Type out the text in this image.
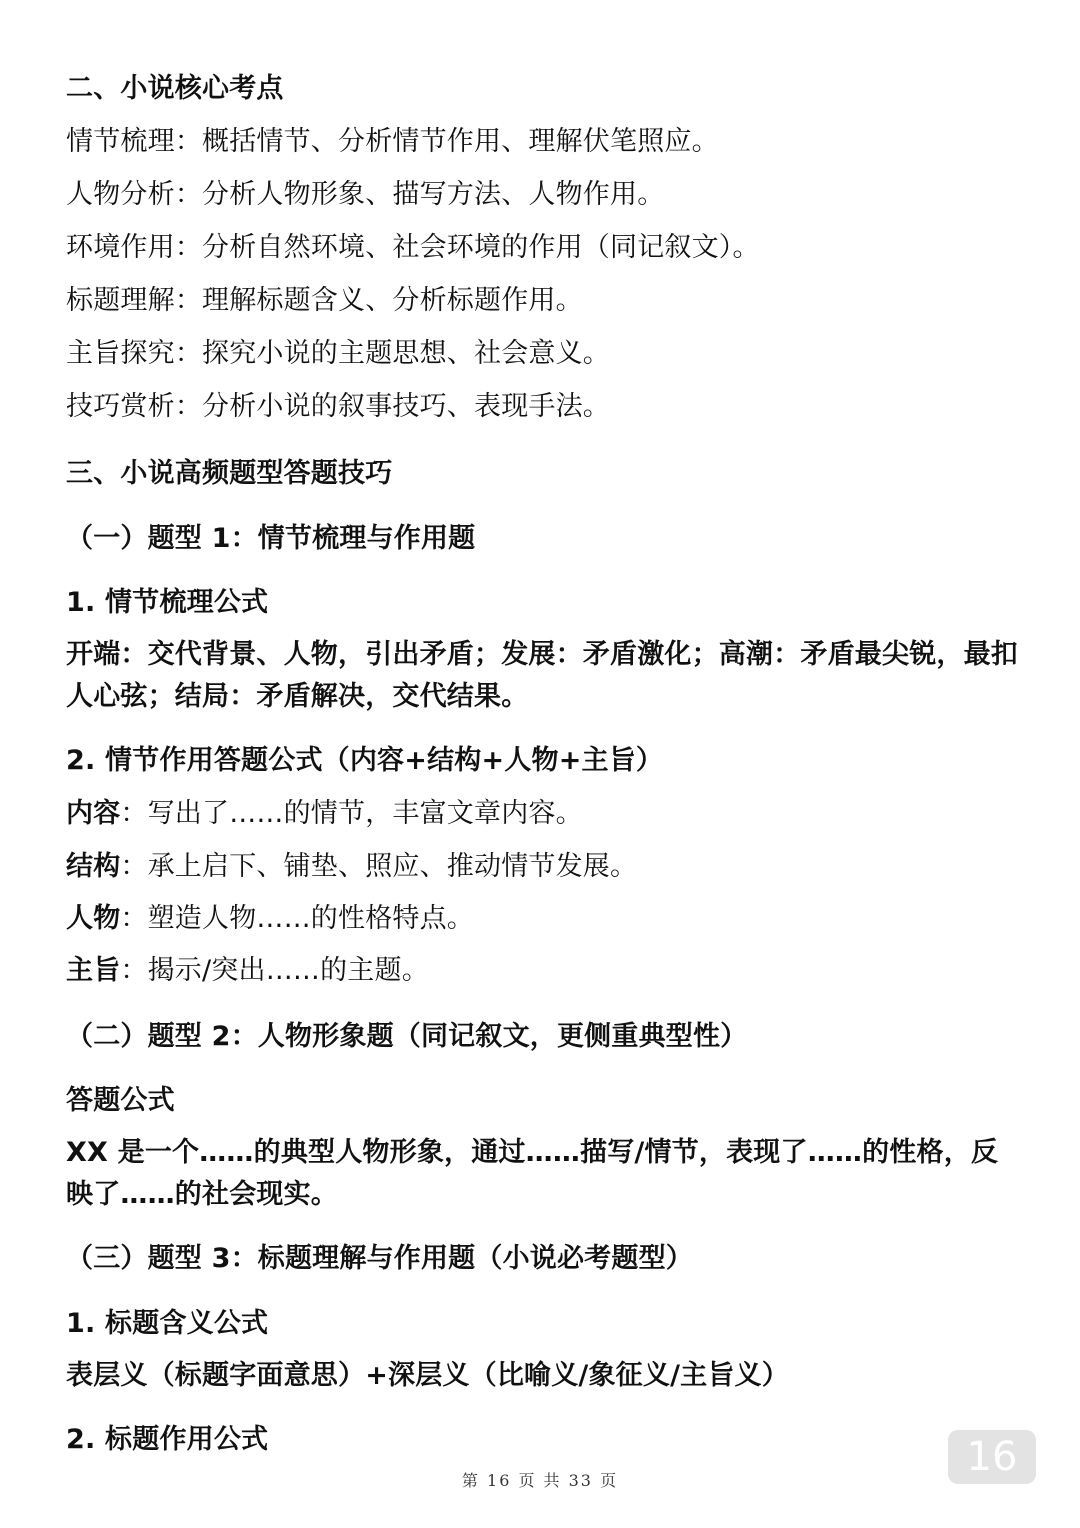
二、小说核心考点
情节梳理：概括情节、分析情节作用、理解伏笔照应。
人物分析：分析人物形象、描写方法、人物作用。
环境作用：分析自然环境、社会环境的作用（同记叙文）。
标题理解：理解标题含义、分析标题作用。
主旨探究：探究小说的主题思想、社会意义。
技巧赏析：分析小说的叙事技巧、表现手法。
三、小说高频题型答题技巧
（一）题型 1：情节梳理与作用题
1. 情节梳理公式
开端：交代背景、人物，引出矛盾；发展：矛盾激化；高潮：矛盾最尖锐，最扣人心弦；结局：矛盾解决，交代结果。
2. 情节作用答题公式（内容+结构+人物+主旨）
内容：写出了……的情节，丰富文章内容。
结构：承上启下、铺垫、照应、推动情节发展。
人物：塑造人物……的性格特点。
主旨：揭示/突出……的主题。
（二）题型 2：人物形象题（同记叙文，更侧重典型性）
答题公式
XX 是一个……的典型人物形象，通过……描写/情节，表现了……的性格，反映了……的社会现实。
（三）题型 3：标题理解与作用题（小说必考题型）
1. 标题含义公式
表层义（标题字面意思）+深层义（比喻义/象征义/主旨义）
2. 标题作用公式	16
第 16 页 共 33 页
